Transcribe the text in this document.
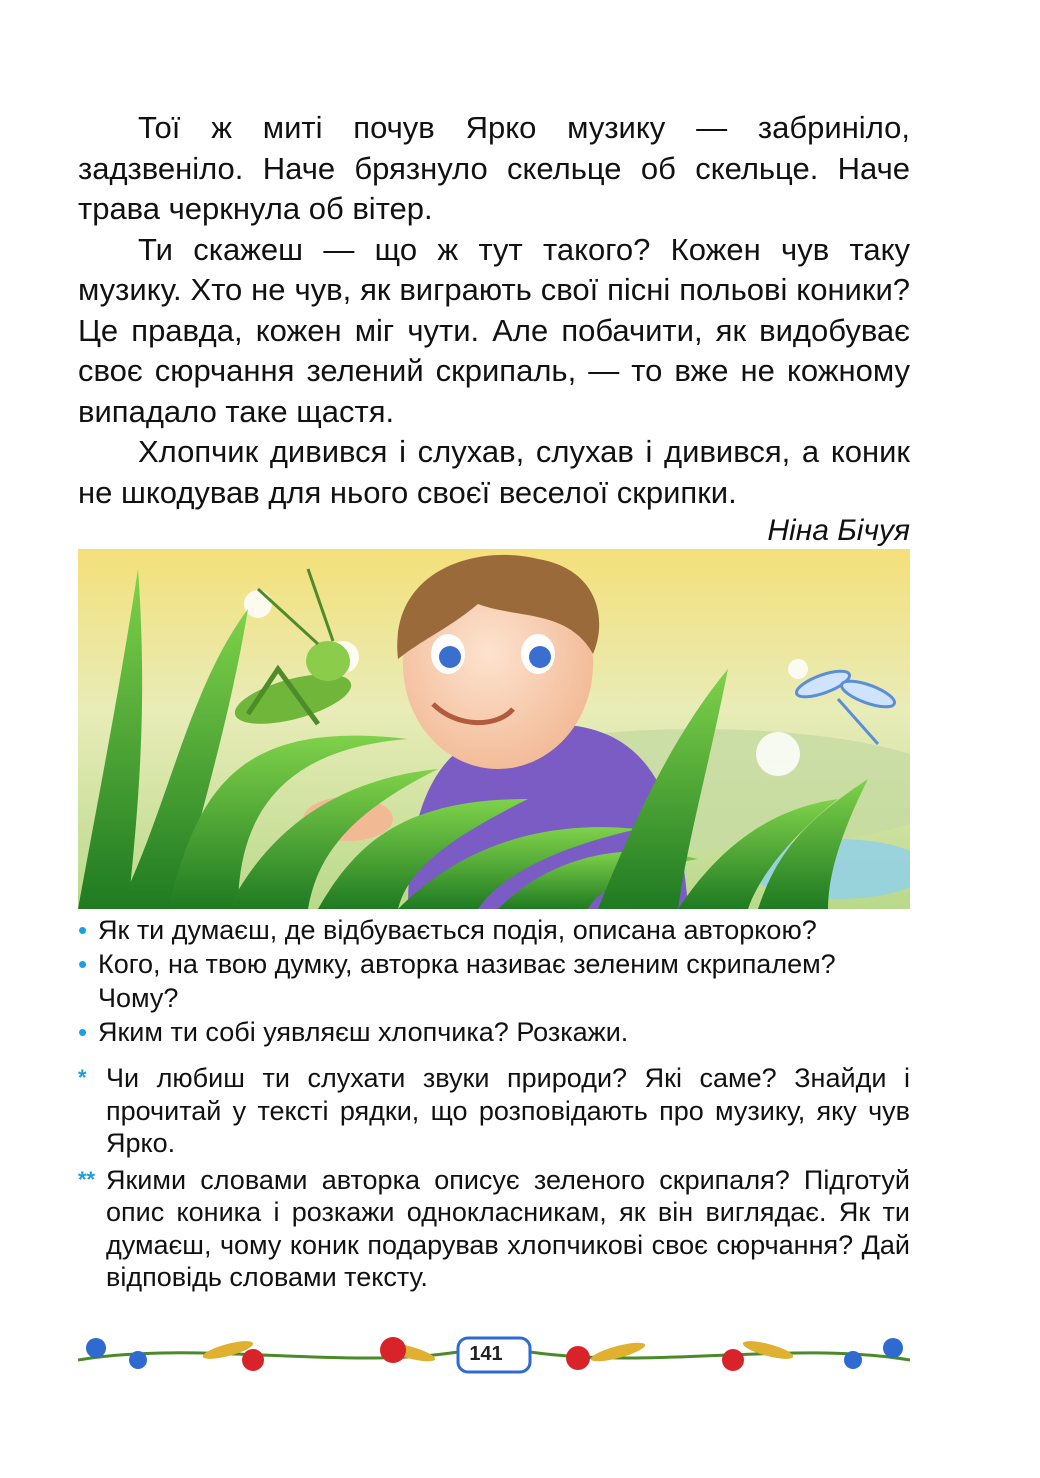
Тої ж миті почув Ярко музику — забриніло, задзвеніло. Наче брязнуло скельце об скельце. Наче трава черкнула об вітер.

Ти скажеш — що ж тут такого? Кожен чув таку музику. Хто не чув, як виграють свої пісні польові коники? Це правда, кожен міг чути. Але побачити, як видобуває своє сюрчання зелений скрипаль, — то вже не кожному випадало таке щастя.

Хлопчик дивився і слухав, слухав і дивився, а коник не шкодував для нього своєї веселої скрипки.

Ніна Бічуя
• Як ти думаєш, де відбувається подія, описана авторкою?
• Кого, на твою думку, авторка називає зеленим скрипалем? Чому?
• Яким ти собі уявляєш хлопчика? Розкажи.
* Чи любиш ти слухати звуки природи? Які саме? Знайди і прочитай у тексті рядки, що розповідають про музику, яку чув Ярко.
** Якими словами авторка описує зеленого скрипаля? Підготуй опис коника і розкажи однокласникам, як він виглядає. Як ти думаєш, чому коник подарував хлопчикові своє сюрчання? Дай відповідь словами тексту.
141
